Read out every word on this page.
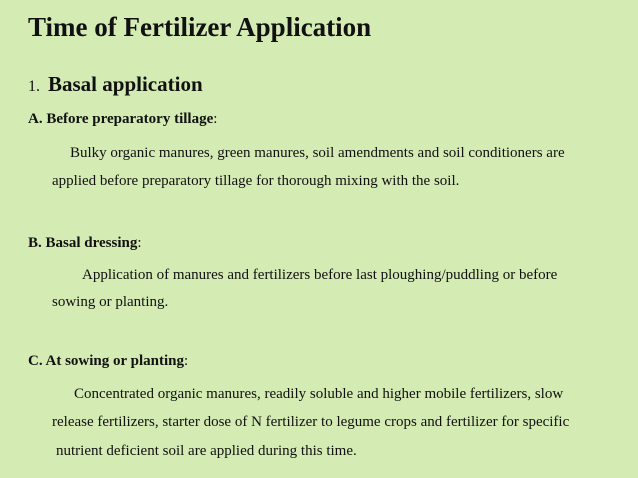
Time of Fertilizer Application
1. Basal application

A. Before preparatory tillage:

Bulky organic manures, green manures, soil amendments and soil conditioners are

applied before preparatory tillage for thorough mixing with the soil.

B. Basal dressing:

Application of manures and fertilizers before last ploughing/puddling or before

sowing or planting.

C. At sowing or planting:

Concentrated organic manures, readily soluble and higher mobile fertilizers, slow

release fertilizers, starter dose of N fertilizer to legume crops and fertilizer for specific

nutrient deficient soil are applied during this time.
